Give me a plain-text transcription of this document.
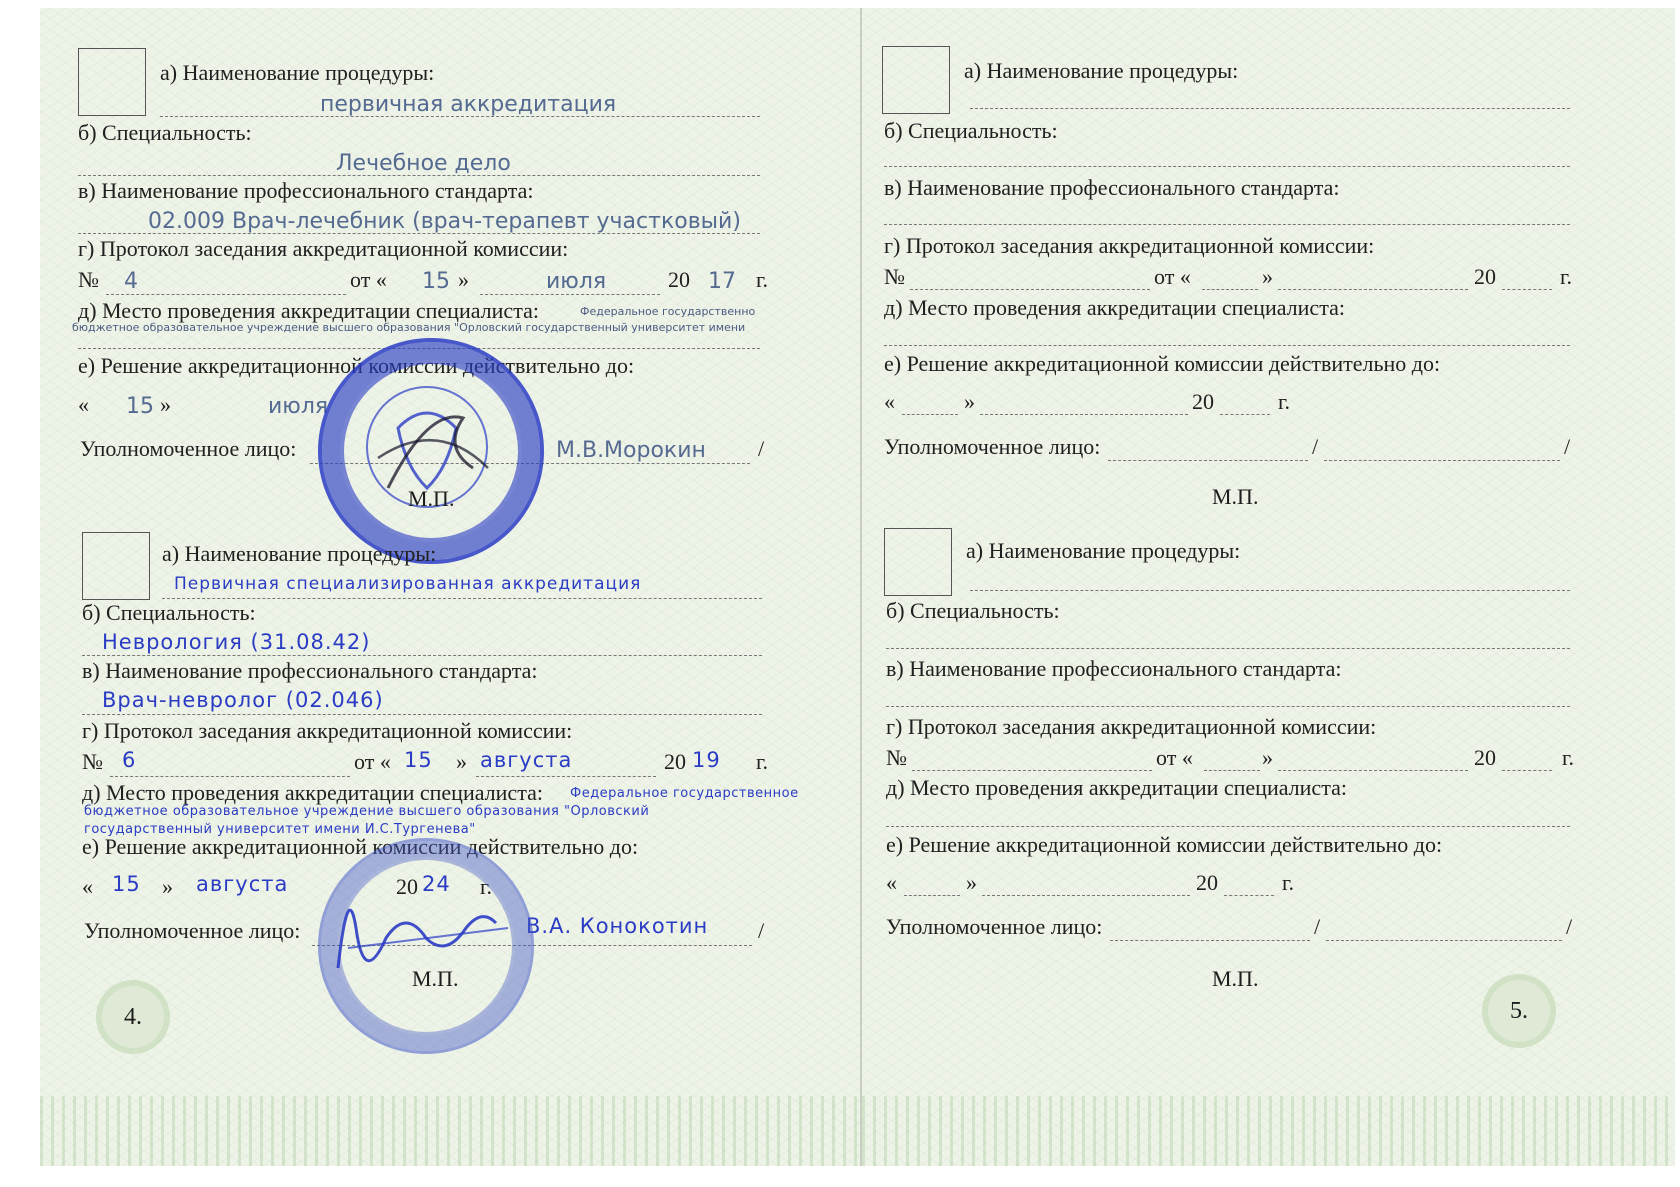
а) Наименование процедуры:
первичная аккредитация
б) Специальность:
Лечебное дело
в) Наименование профессионального стандарта:
02.009 Врач-лечебник (врач-терапевт участковый)
г) Протокол заседания аккредитационной комиссии:
№ 4	от « 15 »	июля	20 17 г.
д) Место проведения аккредитации специалиста:	Федеральное государственно
бюджетное образовательное учреждение высшего образования "Орловский государственный университет имени
е) Решение аккредитационной комиссии действительно до:
« 15 »	июля
Уполномоченное лицо:	М.В.Морокин /
М.П.
а) Наименование процедуры:
Первичная специализированная аккредитация
б) Специальность:
Неврология (31.08.42)
в) Наименование профессионального стандарта:
Врач-невролог (02.046)
г) Протокол заседания аккредитационной комиссии:
№ 6	от « 15 » августа	20 19 г.
д) Место проведения аккредитации специалиста: Федеральное государственное
бюджетное образовательное учреждение высшего образования "Орловский
государственный университет имени И.С.Тургенева"
е) Решение аккредитационной комиссии действительно до:
« 15 » августа	20 24 г.
Уполномоченное лицо:	В.А. Конокотин /
М.П.
4.
а) Наименование процедуры:
б) Специальность:
в) Наименование профессионального стандарта:
г) Протокол заседания аккредитационной комиссии:
№	от «	»	20	г.
д) Место проведения аккредитации специалиста:
е) Решение аккредитационной комиссии действительно до:
«	»	20	г.
Уполномоченное лицо:	/	/
М.П.
а) Наименование процедуры:
б) Специальность:
в) Наименование профессионального стандарта:
г) Протокол заседания аккредитационной комиссии:
№	от «	»	20	г.
д) Место проведения аккредитации специалиста:
е) Решение аккредитационной комиссии действительно до:
«	»	20	г.
Уполномоченное лицо:	/	/
М.П.
5.
